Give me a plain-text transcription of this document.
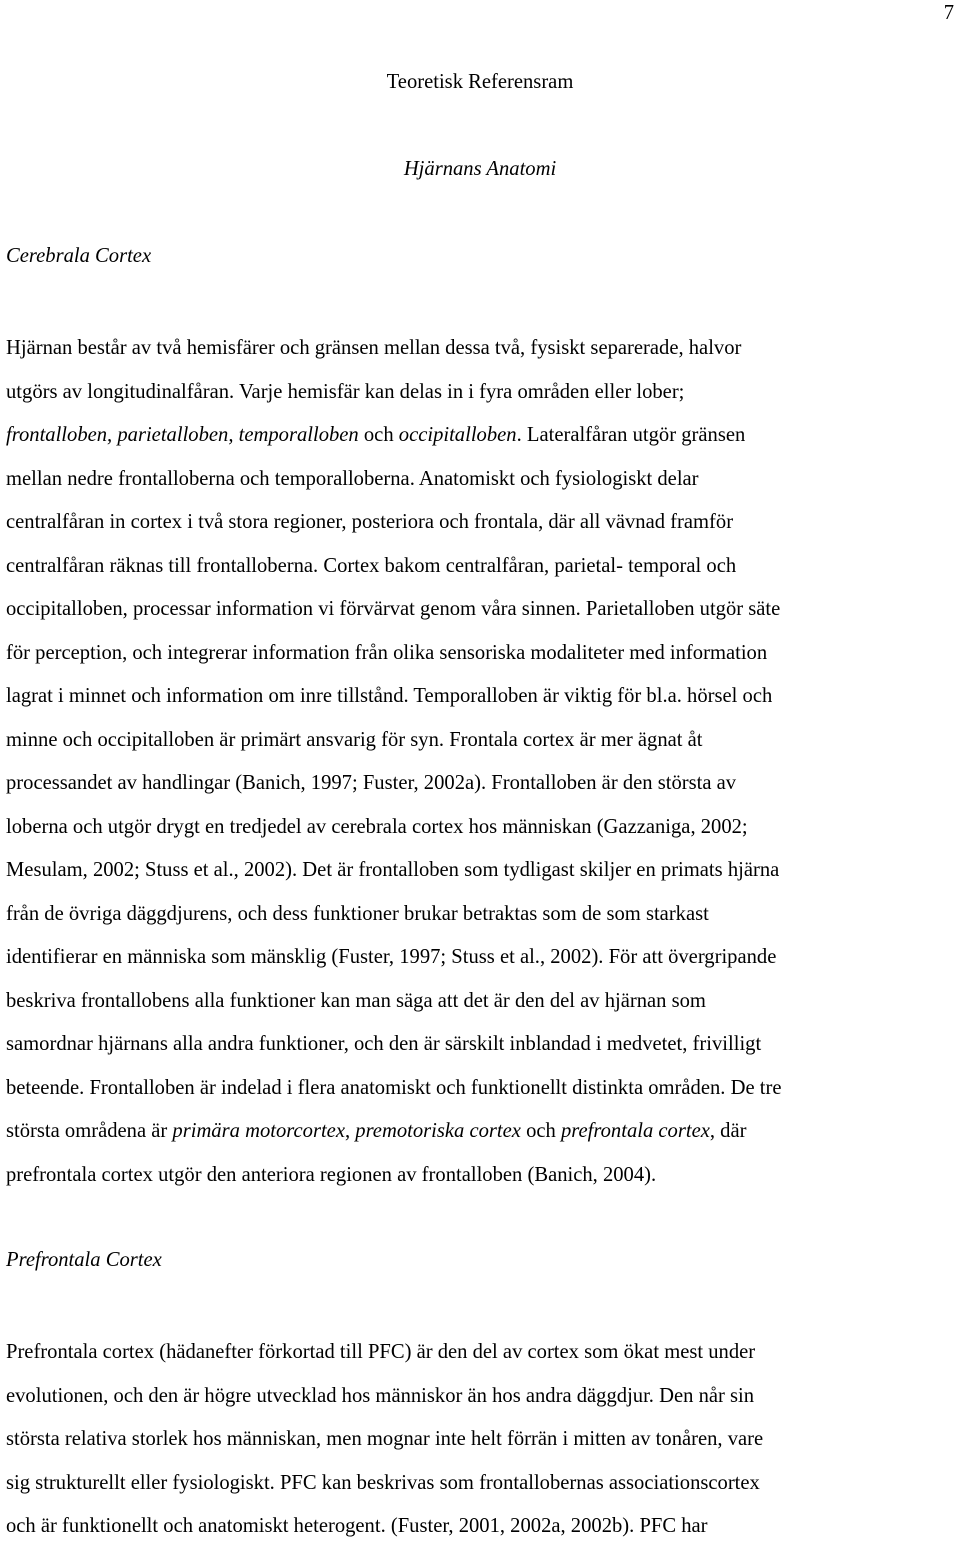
7
Teoretisk Referensram
Hjärnans Anatomi
Cerebrala Cortex
Hjärnan består av två hemisfärer och gränsen mellan dessa två, fysiskt separerade, halvor
utgörs av longitudinalfåran. Varje hemisfär kan delas in i fyra områden eller lober;
frontalloben, parietalloben, temporalloben och occipitalloben. Lateralfåran utgör gränsen
mellan nedre frontalloberna och temporalloberna. Anatomiskt och fysiologiskt delar
centralfåran in cortex i två stora regioner, posteriora och frontala, där all vävnad framför
centralfåran räknas till frontalloberna. Cortex bakom centralfåran, parietal- temporal och
occipitalloben, processar information vi förvärvat genom våra sinnen. Parietalloben utgör säte
för perception, och integrerar information från olika sensoriska modaliteter med information
lagrat i minnet och information om inre tillstånd. Temporalloben är viktig för bl.a. hörsel och
minne och occipitalloben är primärt ansvarig för syn. Frontala cortex är mer ägnat åt
processandet av handlingar (Banich, 1997; Fuster, 2002a). Frontalloben är den största av
loberna och utgör drygt en tredjedel av cerebrala cortex hos människan (Gazzaniga, 2002;
Mesulam, 2002; Stuss et al., 2002). Det är frontalloben som tydligast skiljer en primats hjärna
från de övriga däggdjurens, och dess funktioner brukar betraktas som de som starkast
identifierar en människa som mänsklig (Fuster, 1997; Stuss et al., 2002). För att övergripande
beskriva frontallobens alla funktioner kan man säga att det är den del av hjärnan som
samordnar hjärnans alla andra funktioner, och den är särskilt inblandad i medvetet, frivilligt
beteende. Frontalloben är indelad i flera anatomiskt och funktionellt distinkta områden. De tre
största områdena är primära motorcortex, premotoriska cortex och prefrontala cortex, där
prefrontala cortex utgör den anteriora regionen av frontalloben (Banich, 2004).
Prefrontala Cortex
Prefrontala cortex (hädanefter förkortad till PFC) är den del av cortex som ökat mest under
evolutionen, och den är högre utvecklad hos människor än hos andra däggdjur. Den når sin
största relativa storlek hos människan, men mognar inte helt förrän i mitten av tonåren, vare
sig strukturellt eller fysiologiskt. PFC kan beskrivas som frontallobernas associationscortex
och är funktionellt och anatomiskt heterogent. (Fuster, 2001, 2002a, 2002b). PFC har
